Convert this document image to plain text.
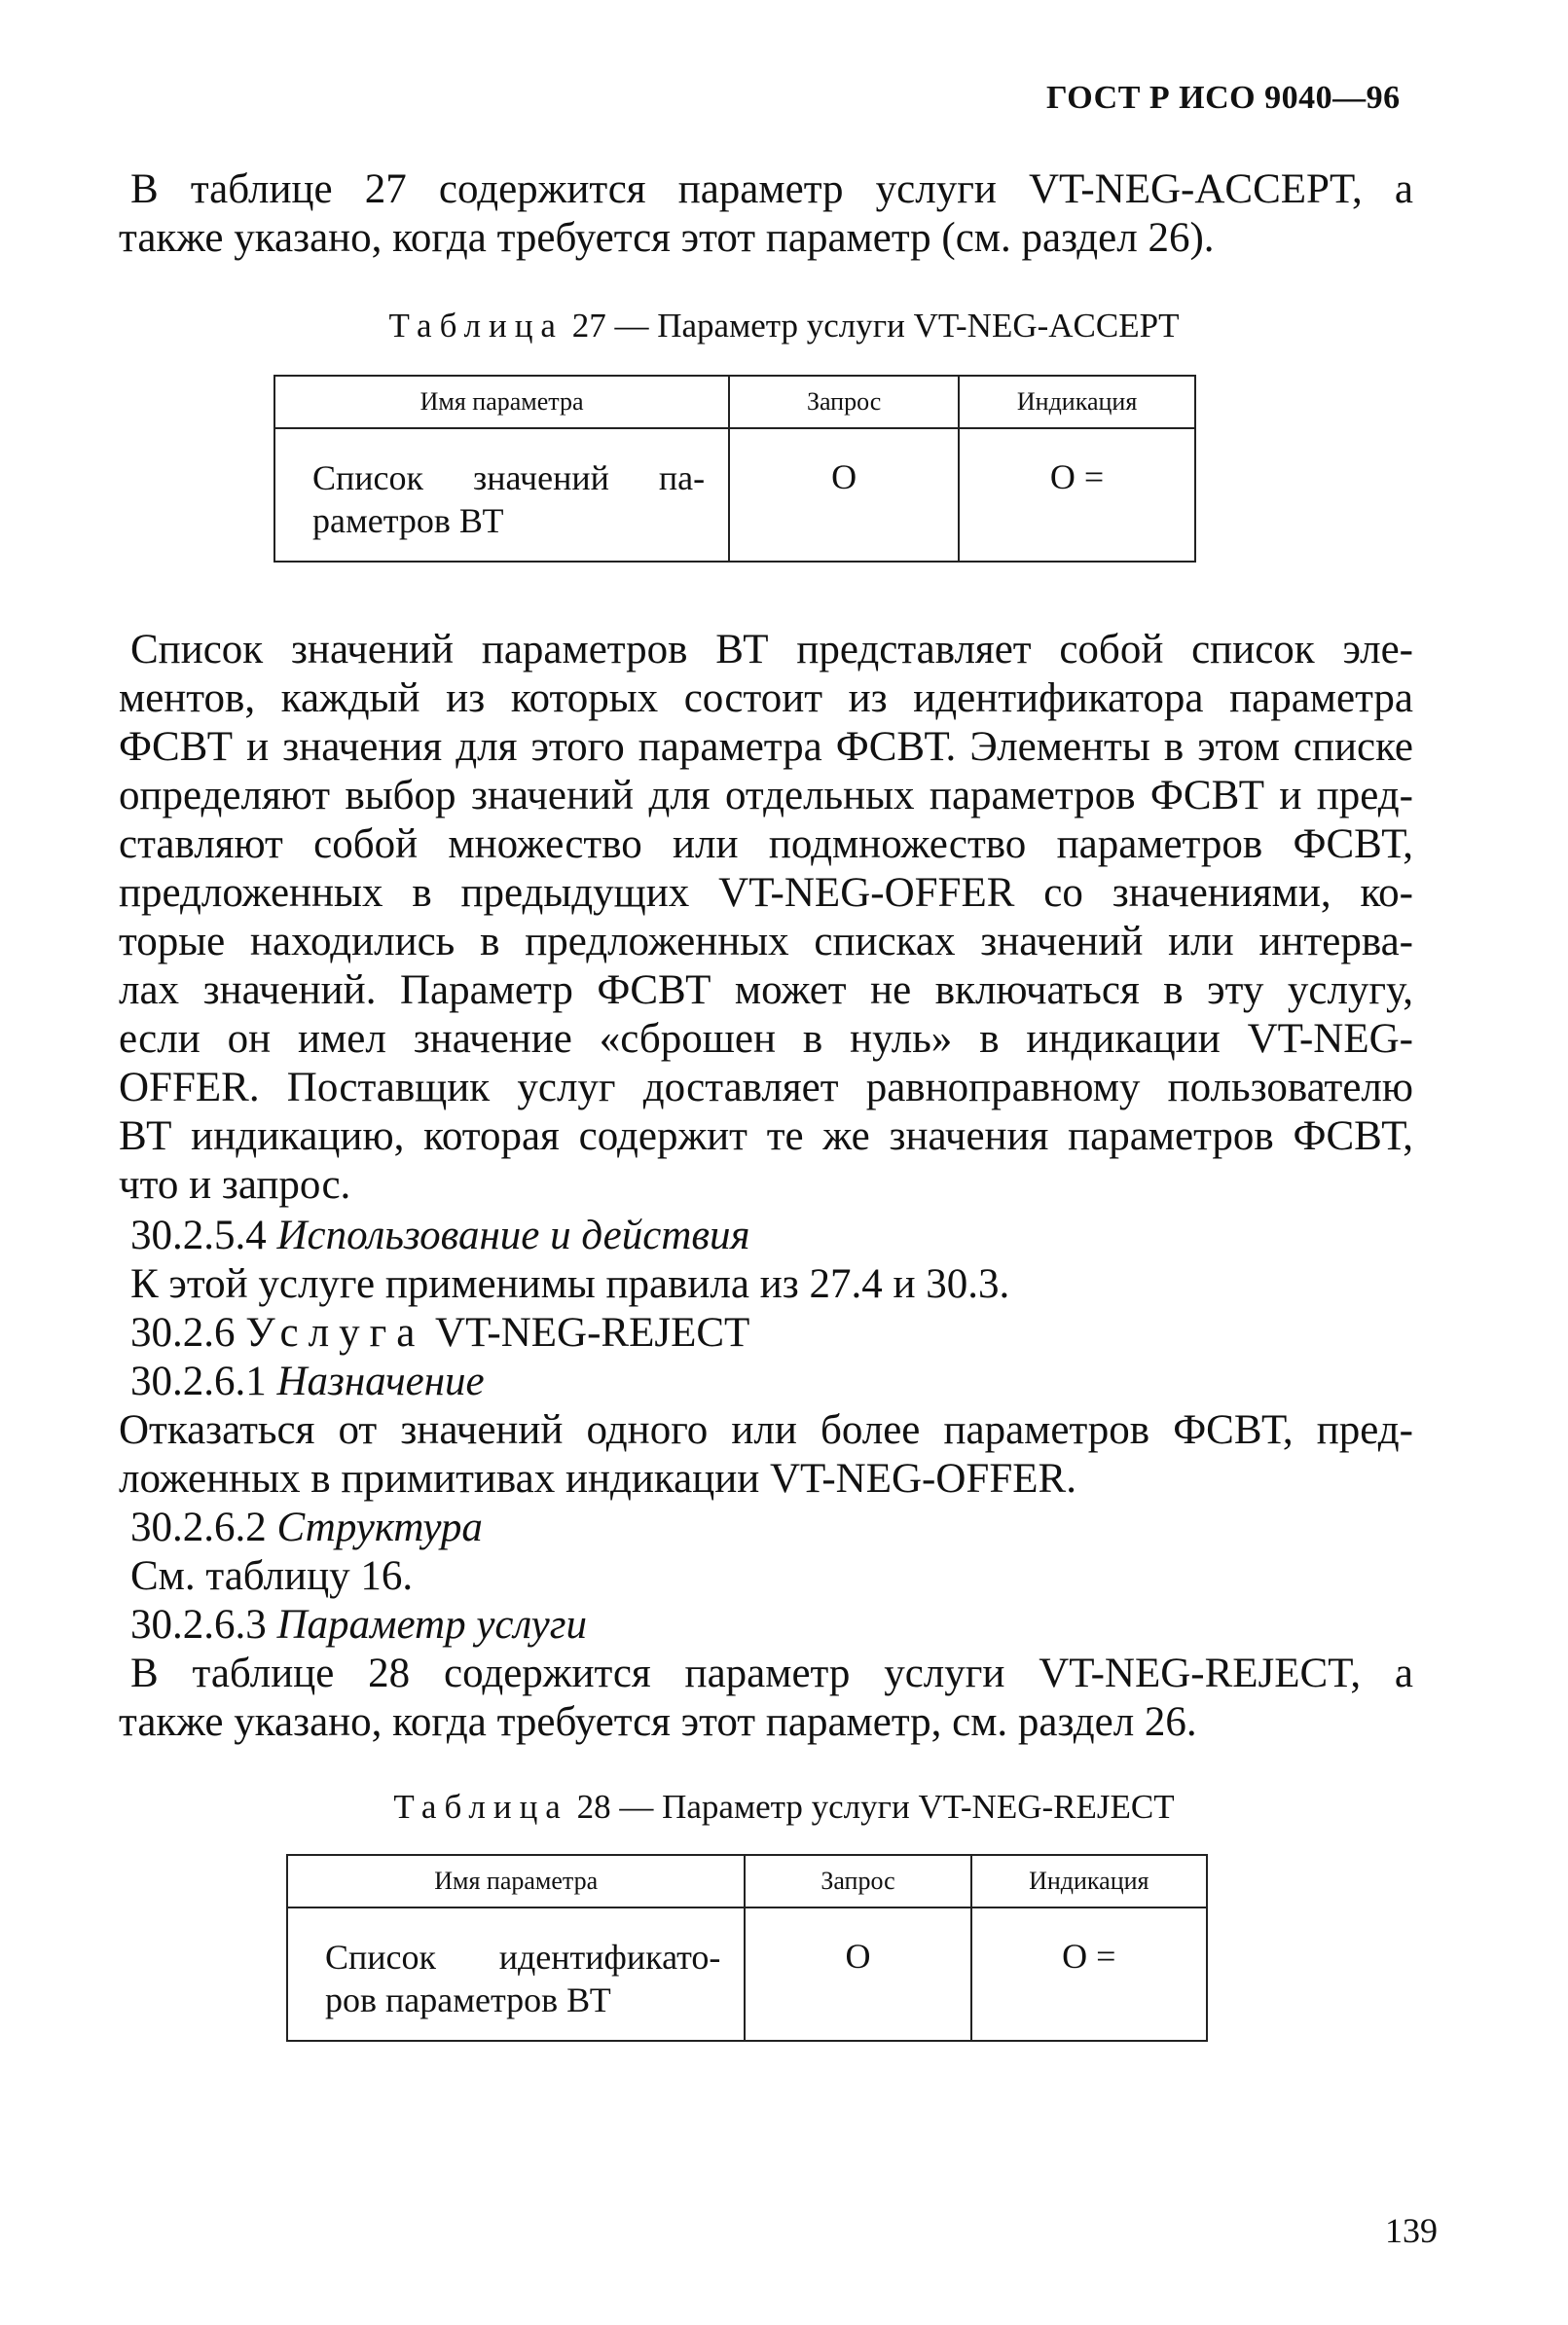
ГОСТ Р ИСО 9040—96
В таблице 27 содержится параметр услуги VT-NEG-ACCEPT, а
также указано, когда требуется этот параметр (см. раздел 26).
Таблица 27 — Параметр услуги VT-NEG-ACCEPT
Имя параметра	Запрос	Индикация

Список значений па-
раметров ВТ	О	О =
Список значений параметров ВТ представляет собой список эле-
ментов, каждый из которых состоит из идентификатора параметра
ФСВТ и значения для этого параметра ФСВТ. Элементы в этом списке
определяют выбор значений для отдельных параметров ФСВТ и пред-
ставляют собой множество или подмножество параметров ФСВТ,
предложенных в предыдущих VT-NEG-OFFER со значениями, ко-
торые находились в предложенных списках значений или интерва-
лах значений. Параметр ФСВТ может не включаться в эту услугу,
если он имел значение «сброшен в нуль» в индикации VT-NEG-
OFFER. Поставщик услуг доставляет равноправному пользователю
ВТ индикацию, которая содержит те же значения параметров ФСВТ,
что и запрос.
30.2.5.4 Использование и действия
К этой услуге применимы правила из 27.4 и 30.3.
30.2.6 Услуга VT-NEG-REJECT
30.2.6.1 Назначение
Отказаться от значений одного или более параметров ФСВТ, пред-
ложенных в примитивах индикации VT-NEG-OFFER.
30.2.6.2 Структура
См. таблицу 16.
30.2.6.3 Параметр услуги
В таблице 28 содержится параметр услуги VT-NEG-REJECT, а
также указано, когда требуется этот параметр, см. раздел 26.
Таблица 28 — Параметр услуги VT-NEG-REJECT
Имя параметра	Запрос	Индикация

Список идентификато-
ров параметров ВТ	О	О =
139
